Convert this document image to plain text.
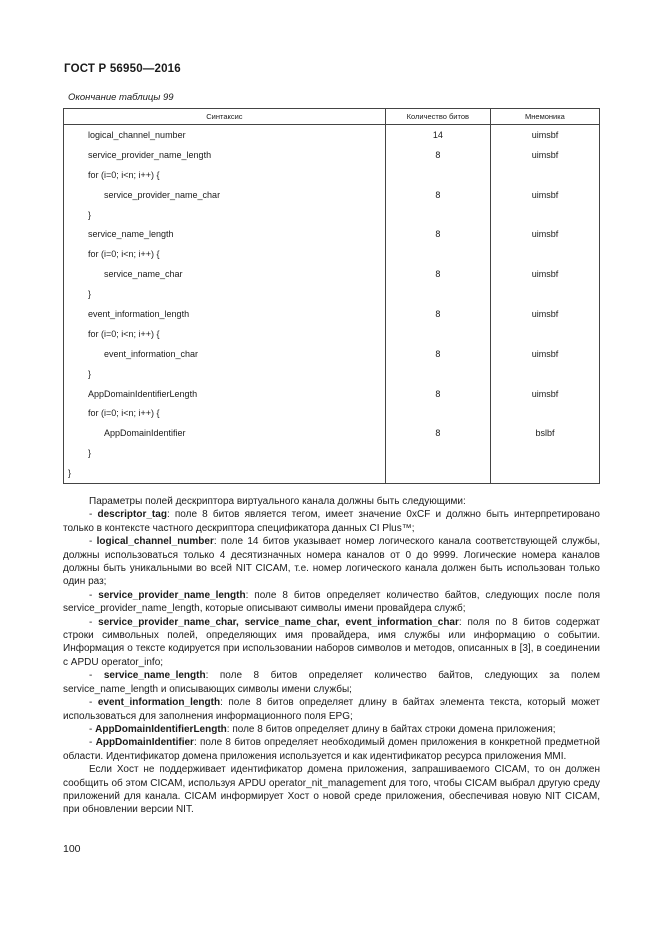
ГОСТ Р 56950—2016
Окончание таблицы 99
Синтаксис	Количество битов	Мнемоника
logical_channel_number	14	uimsbf
service_provider_name_length	8	uimsbf
for (i=0; i<n; i++) {		
service_provider_name_char	8	uimsbf
}		
service_name_length	8	uimsbf
for (i=0; i<n; i++) {		
service_name_char	8	uimsbf
}		
event_information_length	8	uimsbf
for (i=0; i<n; i++) {		
event_information_char	8	uimsbf
}		
AppDomainIdentifierLength	8	uimsbf
for (i=0; i<n; i++) {		
AppDomainIdentifier	8	bslbf
}		
}		

Параметры полей дескриптора виртуального канала должны быть следующими:

- descriptor_tag: поле 8 битов является тегом, имеет значение 0xCF и должно быть интерпретировано только в контексте частного дескриптора спецификатора данных CI Plus™;

- logical_channel_number: поле 14 битов указывает номер логического канала соответствующей службы, должны использоваться только 4 десятизначных номера каналов от 0 до 9999. Логические номера каналов должны быть уникальными во всей NIT CICAM, т.е. номер логического канала должен быть использован только один раз;

- service_provider_name_length: поле 8 битов определяет количество байтов, следующих после поля service_provider_name_length, которые описывают символы имени провайдера служб;

- service_provider_name_char, service_name_char, event_information_char: поля по 8 битов содержат строки символьных полей, определяющих имя провайдера, имя службы или информацию о событии. Информация о тексте кодируется при использовании наборов символов и методов, описанных в [3], в соединении с APDU operator_info;

- service_name_length: поле 8 битов определяет количество байтов, следующих за полем service_name_length и описывающих символы имени службы;

- event_information_length: поле 8 битов определяет длину в байтах элемента текста, который может использоваться для заполнения информационного поля EPG;

- AppDomainIdentifierLength: поле 8 битов определяет длину в байтах строки домена приложения;

- AppDomainIdentifier: поле 8 битов определяет необходимый домен приложения в конкретной предметной области. Идентификатор домена приложения используется и как идентификатор ресурса приложения MMI.

Если Хост не поддерживает идентификатор домена приложения, запрашиваемого CICAM, то он должен сообщить об этом CICAM, используя APDU operator_nit_management для того, чтобы CICAM выбрал другую среду приложений для канала. CICAM информирует Хост о новой среде приложения, обеспечивая новую NIT CICAM, при обновлении версии NIT.

100
